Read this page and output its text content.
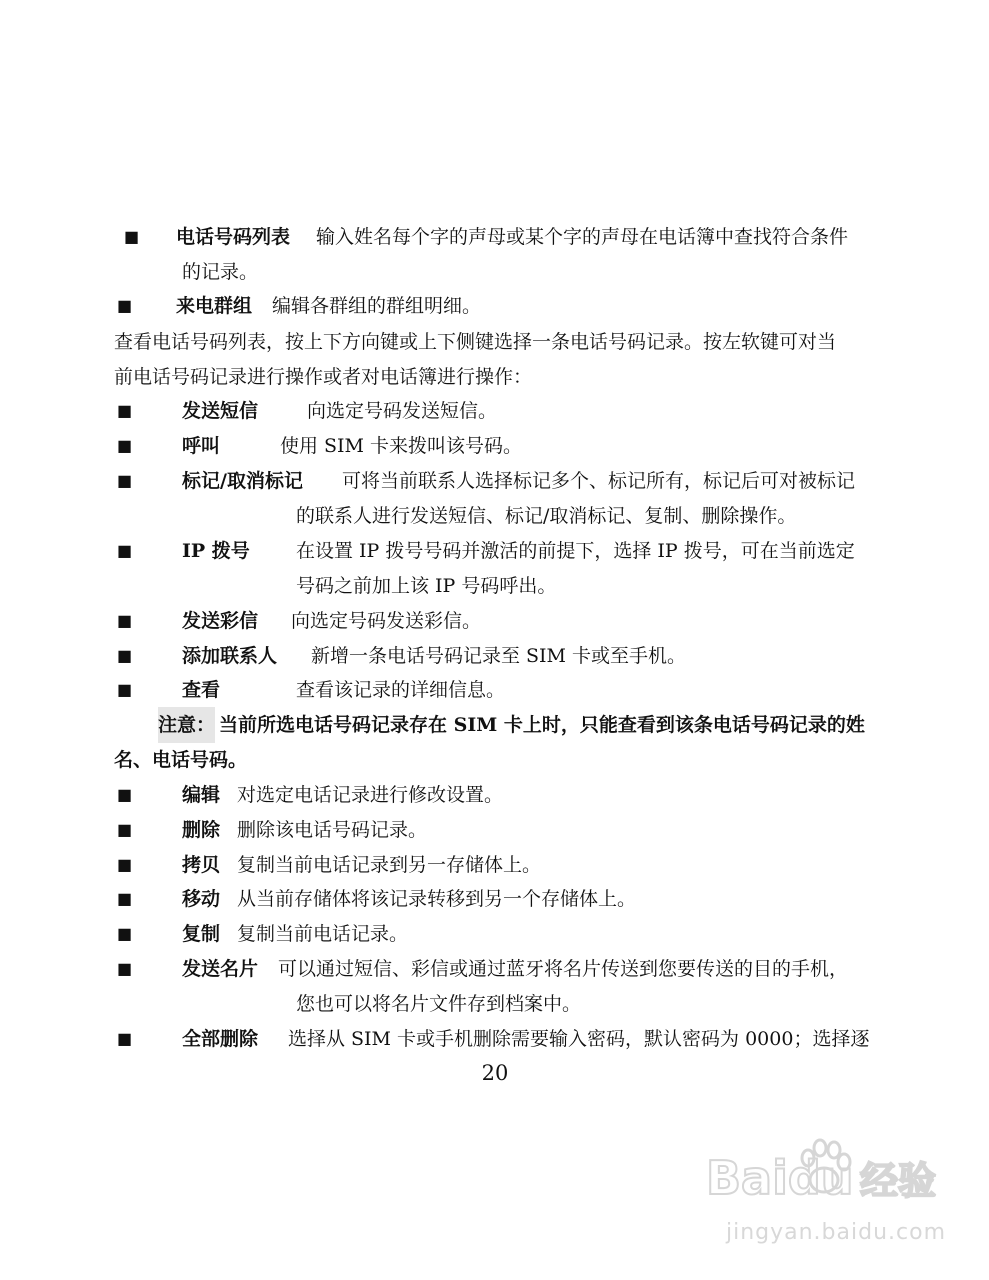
■ 电话号码列表 输入姓名每个字的声母或某个字的声母在电话簿中查找符合条件
的记录。
■ 来电群组 编辑各群组的群组明细。
查看电话号码列表，按上下方向键或上下侧键选择一条电话号码记录。按左软键可对当
前电话号码记录进行操作或者对电话簿进行操作：
■	发送短信	向选定号码发送短信。
■	呼叫	使用 SIM 卡来拨叫该号码。
■	标记/取消标记 可将当前联系人选择标记多个、标记所有，标记后可对被标记
的联系人进行发送短信、标记/取消标记、复制、删除操作。
■	IP 拨号 在设置 IP 拨号号码并激活的前提下，选择 IP 拨号，可在当前选定
号码之前加上该 IP 号码呼出。
■	发送彩信 向选定号码发送彩信。
■	添加联系人 新增一条电话号码记录至 SIM 卡或至手机。
■	查看	查看该记录的详细信息。
注意： 当前所选电话号码记录存在 SIM 卡上时，只能查看到该条电话号码记录的姓
名、电话号码。
■	编辑 对选定电话记录进行修改设置。
■	删除 删除该电话号码记录。
■	拷贝 复制当前电话记录到另一存储体上。
■	移动 从当前存储体将该记录转移到另一个存储体上。
■	复制 复制当前电话记录。
■	发送名片 可以通过短信、彩信或通过蓝牙将名片传送到您要传送的目的手机，
您也可以将名片文件存到档案中。
■	全部删除 选择从 SIM 卡或手机删除需要输入密码，默认密码为 0000；选择逐
20
Baidu 经验
jingyan.baidu.com
